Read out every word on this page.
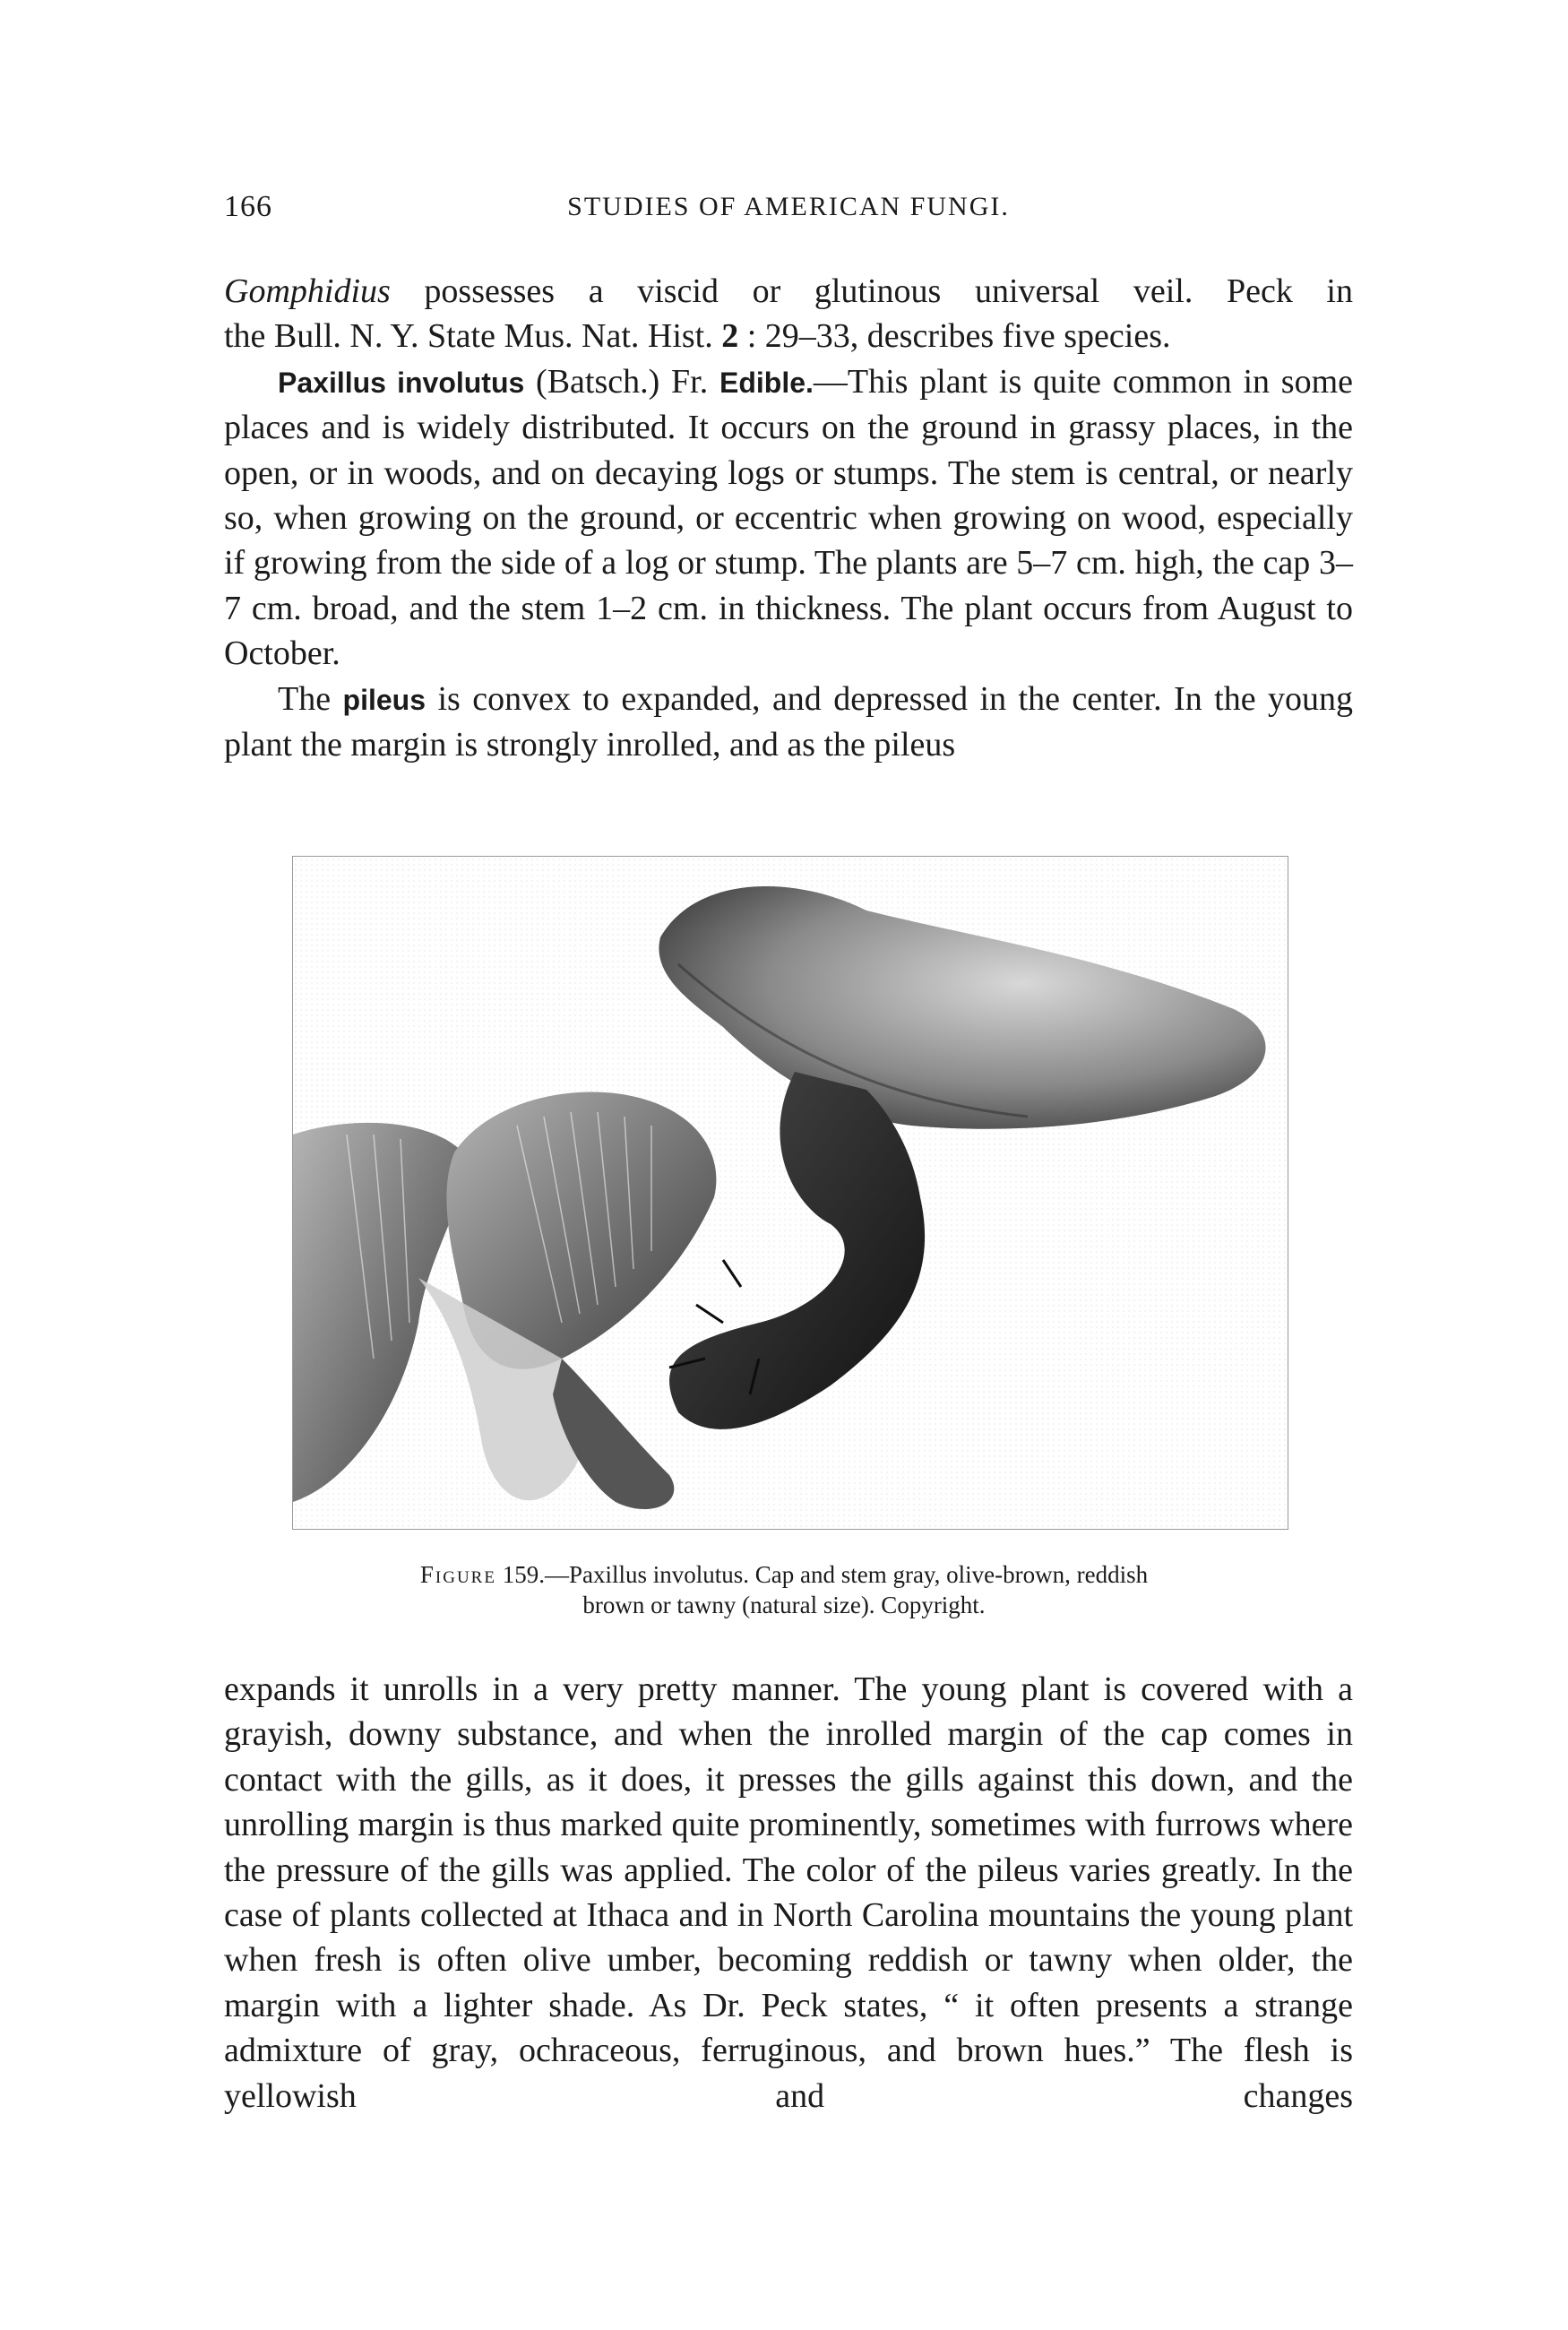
166	STUDIES OF AMERICAN FUNGI.

Gomphidius possesses a viscid or glutinous universal veil. Peck in

the Bull. N. Y. State Mus. Nat. Hist. 2 : 29–33, describes five species.

Paxillus involutus (Batsch.) Fr. Edible.—This plant is quite common in some places and is widely distributed. It occurs on the ground in grassy places, in the open, or in woods, and on decaying logs or stumps. The stem is central, or nearly so, when growing on the ground, or eccentric when growing on wood, especially if growing from the side of a log or stump. The plants are 5–7 cm. high, the cap 3–7 cm. broad, and the stem 1–2 cm. in thickness. The plant occurs from August to October.

The pileus is convex to expanded, and depressed in the center. In the young plant the margin is strongly inrolled, and as the pileus

Figure 159.—Paxillus involutus. Cap and stem gray, olive-brown, reddish
brown or tawny (natural size). Copyright.

expands it unrolls in a very pretty manner. The young plant is covered with a grayish, downy substance, and when the inrolled margin of the cap comes in contact with the gills, as it does, it presses the gills against this down, and the unrolling margin is thus marked quite prominently, sometimes with furrows where the pressure of the gills was applied. The color of the pileus varies greatly. In the case of plants collected at Ithaca and in North Carolina mountains the young plant when fresh is often olive umber, becoming reddish or tawny when older, the margin with a lighter shade. As Dr. Peck states, “ it often presents a strange admixture of gray, ochraceous, ferruginous, and brown hues.” The flesh is yellowish and changes
